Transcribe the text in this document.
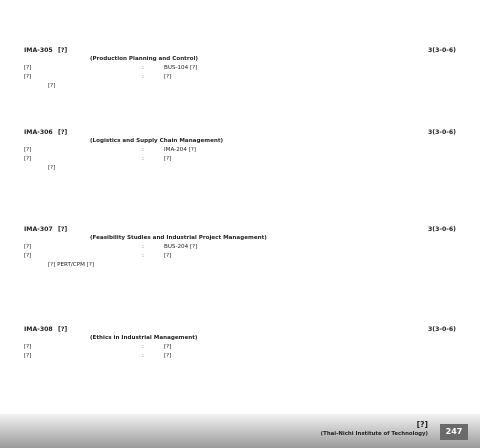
IMA-305 [?]	3(3-0-6)
(Production Planning and Control)
[?]	:	BUS-104 [?]
[?]	:	[?]
[?]
IMA-306 [?]	3(3-0-6)
(Logistics and Supply Chain Management)
[?]	:	IMA-204 [?]
[?]	:	[?]
[?]
IMA-307 [?]	3(3-0-6)
(Feasibility Studies and Industrial Project Management)
[?]	:	BUS-204 [?]
[?]	:	[?]
[?] PERT/CPM [?]
IMA-308 [?]	3(3-0-6)
(Ethics in Industrial Management)
[?]	:	[?]
[?]	:	[?]
[?]
(Thai-Nichi Institute of Technology)	247
